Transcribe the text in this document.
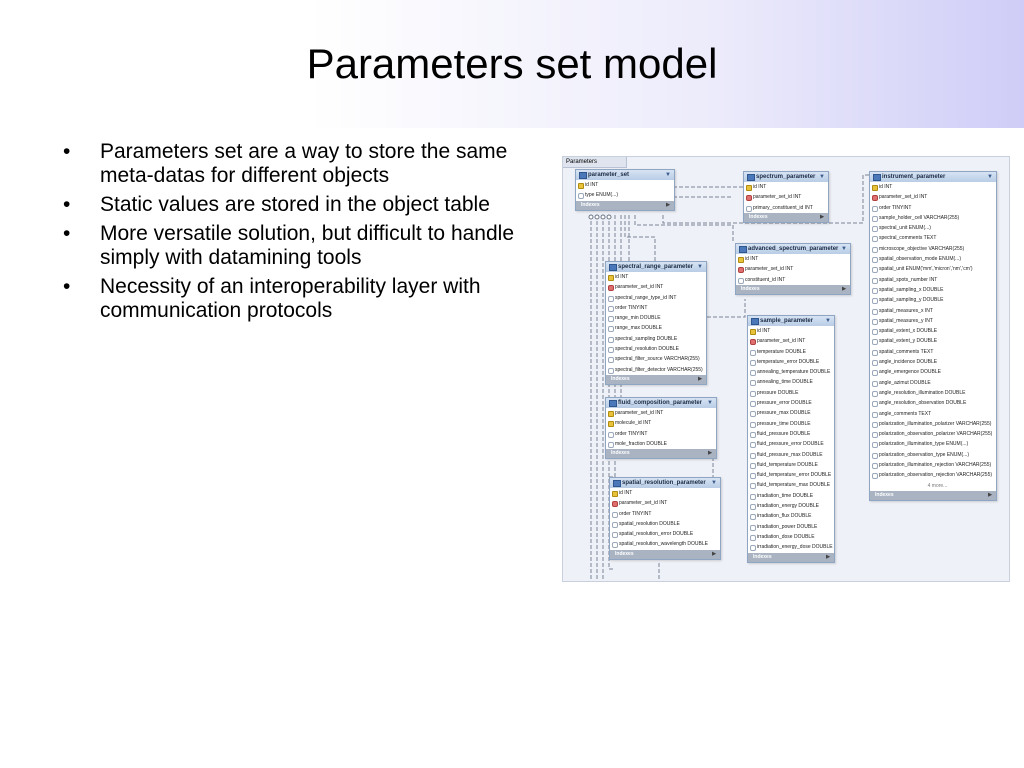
Parameters set model
• Parameters set are a way to store the same meta-datas for different objects
• Static values are stored in the object table
• More versatile solution, but difficult to handle simply with datamining tools
• Necessity of an interoperability layer with communication protocols
Parameters
parameter_set	▼
id INT
type ENUM(...)
Indexes	▶
spectrum_parameter ▼
id INT
parameter_set_id INT
primary_constituent_id INT
Indexes	▶
advanced_spectrum_parameter ▼
id INT
parameter_set_id INT
constituent_id INT
Indexes	▶
spectral_range_parameter ▼
id INT
parameter_set_id INT
spectral_range_type_id INT
order TINYINT
range_min DOUBLE
range_max DOUBLE
spectral_sampling DOUBLE
spectral_resolution DOUBLE
spectral_filter_source VARCHAR(255)
spectral_filter_detector VARCHAR(255)
Indexes	▶
fluid_composition_parameter ▼
parameter_set_id INT
molecule_id INT
order TINYINT
mole_fraction DOUBLE
Indexes	▶
spatial_resolution_parameter ▼
id INT
parameter_set_id INT
order TINYINT
spatial_resolution DOUBLE
spatial_resolution_error DOUBLE
spatial_resolution_wavelength DOUBLE
Indexes	▶
sample_parameter ▼
id INT
parameter_set_id INT
temperature DOUBLE
temperature_error DOUBLE
annealing_temperature DOUBLE
annealing_time DOUBLE
pressure DOUBLE
pressure_error DOUBLE
pressure_max DOUBLE
pressure_time DOUBLE
fluid_pressure DOUBLE
fluid_pressure_error DOUBLE
fluid_pressure_max DOUBLE
fluid_temperature DOUBLE
fluid_temperature_error DOUBLE
fluid_temperature_max DOUBLE
irradiation_time DOUBLE
irradiation_energy DOUBLE
irradiation_flux DOUBLE
irradiation_power DOUBLE
irradiation_dose DOUBLE
irradiation_energy_dose DOUBLE
Indexes	▶
instrument_parameter	▼
id INT
parameter_set_id INT
order TINYINT
sample_holder_cell VARCHAR(255)
spectral_unit ENUM(...)
spectral_comments TEXT
microscope_objective VARCHAR(255)
spatial_observation_mode ENUM(...)
spatial_unit ENUM('mm','micron','nm','cm')
spatial_spots_number INT
spatial_sampling_x DOUBLE
spatial_sampling_y DOUBLE
spatial_measures_x INT
spatial_measures_y INT
spatial_extent_x DOUBLE
spatial_extent_y DOUBLE
spatial_comments TEXT
angle_incidence DOUBLE
angle_emergence DOUBLE
angle_azimut DOUBLE
angle_resolution_illumination DOUBLE
angle_resolution_observation DOUBLE
angle_comments TEXT
polarization_illumination_polarizer VARCHAR(255)
polarization_observation_polarizer VARCHAR(255)
polarization_illumination_type ENUM(...)
polarization_observation_type ENUM(...)
polarization_illumination_rejection VARCHAR(255)
polarization_observation_rejection VARCHAR(255)
4 more...
Indexes	▶
